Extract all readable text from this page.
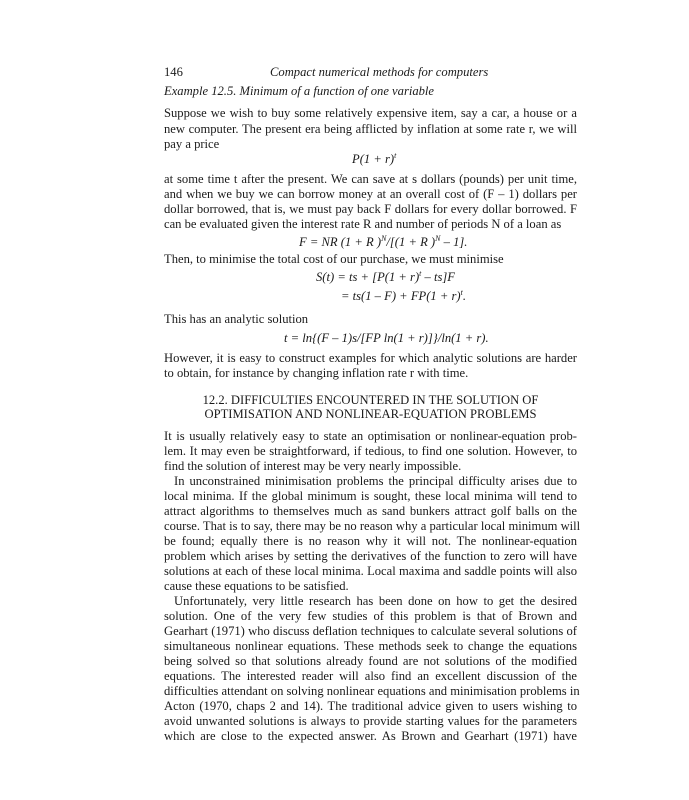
146	Compact numerical methods for computers
Example 12.5. Minimum of a function of one variable
Suppose we wish to buy some relatively expensive item, say a car, a house or a
new computer. The present era being afflicted by inflation at some rate r, we will
pay a price
$P(1 + r)^t$
at some time t after the present. We can save at s dollars (pounds) per unit time,
and when we buy we can borrow money at an overall cost of (F – 1) dollars per
dollar borrowed, that is, we must pay back F dollars for every dollar borrowed. F
can be evaluated given the interest rate R and number of periods N of a loan as
F = NR (1 + R )$^N$/[(1 + R )$^N$ – 1].
Then, to minimise the total cost of our purchase, we must minimise
S(t) = ts + $[P(1 + r)^t - ts]F$
= $ts(1 - F) + FP(1 + r)^t$.
This has an analytic solution
t = ln{(F – 1)s/[FP ln(1 + r)]}/ln(1 + r).
However, it is easy to construct examples for which analytic solutions are harder
to obtain, for instance by changing inflation rate r with time.
12.2. DIFFICULTIES ENCOUNTERED IN THE SOLUTION OF
OPTIMISATION AND NONLINEAR-EQUATION PROBLEMS
It is usually relatively easy to state an optimisation or nonlinear-equation prob-
lem. It may even be straightforward, if tedious, to find one solution. However, to
find the solution of interest may be very nearly impossible.
In unconstrained minimisation problems the principal difficulty arises due to
local minima. If the global minimum is sought, these local minima will tend to
attract algorithms to themselves much as sand bunkers attract golf balls on the
course. That is to say, there may be no reason why a particular local minimum will
be found; equally there is no reason why it will not. The nonlinear-equation
problem which arises by setting the derivatives of the function to zero will have
solutions at each of these local minima. Local maxima and saddle points will also
cause these equations to be satisfied.
Unfortunately, very little research has been done on how to get the desired
solution. One of the very few studies of this problem is that of Brown and
Gearhart (1971) who discuss deflation techniques to calculate several solutions of
simultaneous nonlinear equations. These methods seek to change the equations
being solved so that solutions already found are not solutions of the modified
equations. The interested reader will also find an excellent discussion of the
difficulties attendant on solving nonlinear equations and minimisation problems in
Acton (1970, chaps 2 and 14). The traditional advice given to users wishing to
avoid unwanted solutions is always to provide starting values for the parameters
which are close to the expected answer. As Brown and Gearhart (1971) have
